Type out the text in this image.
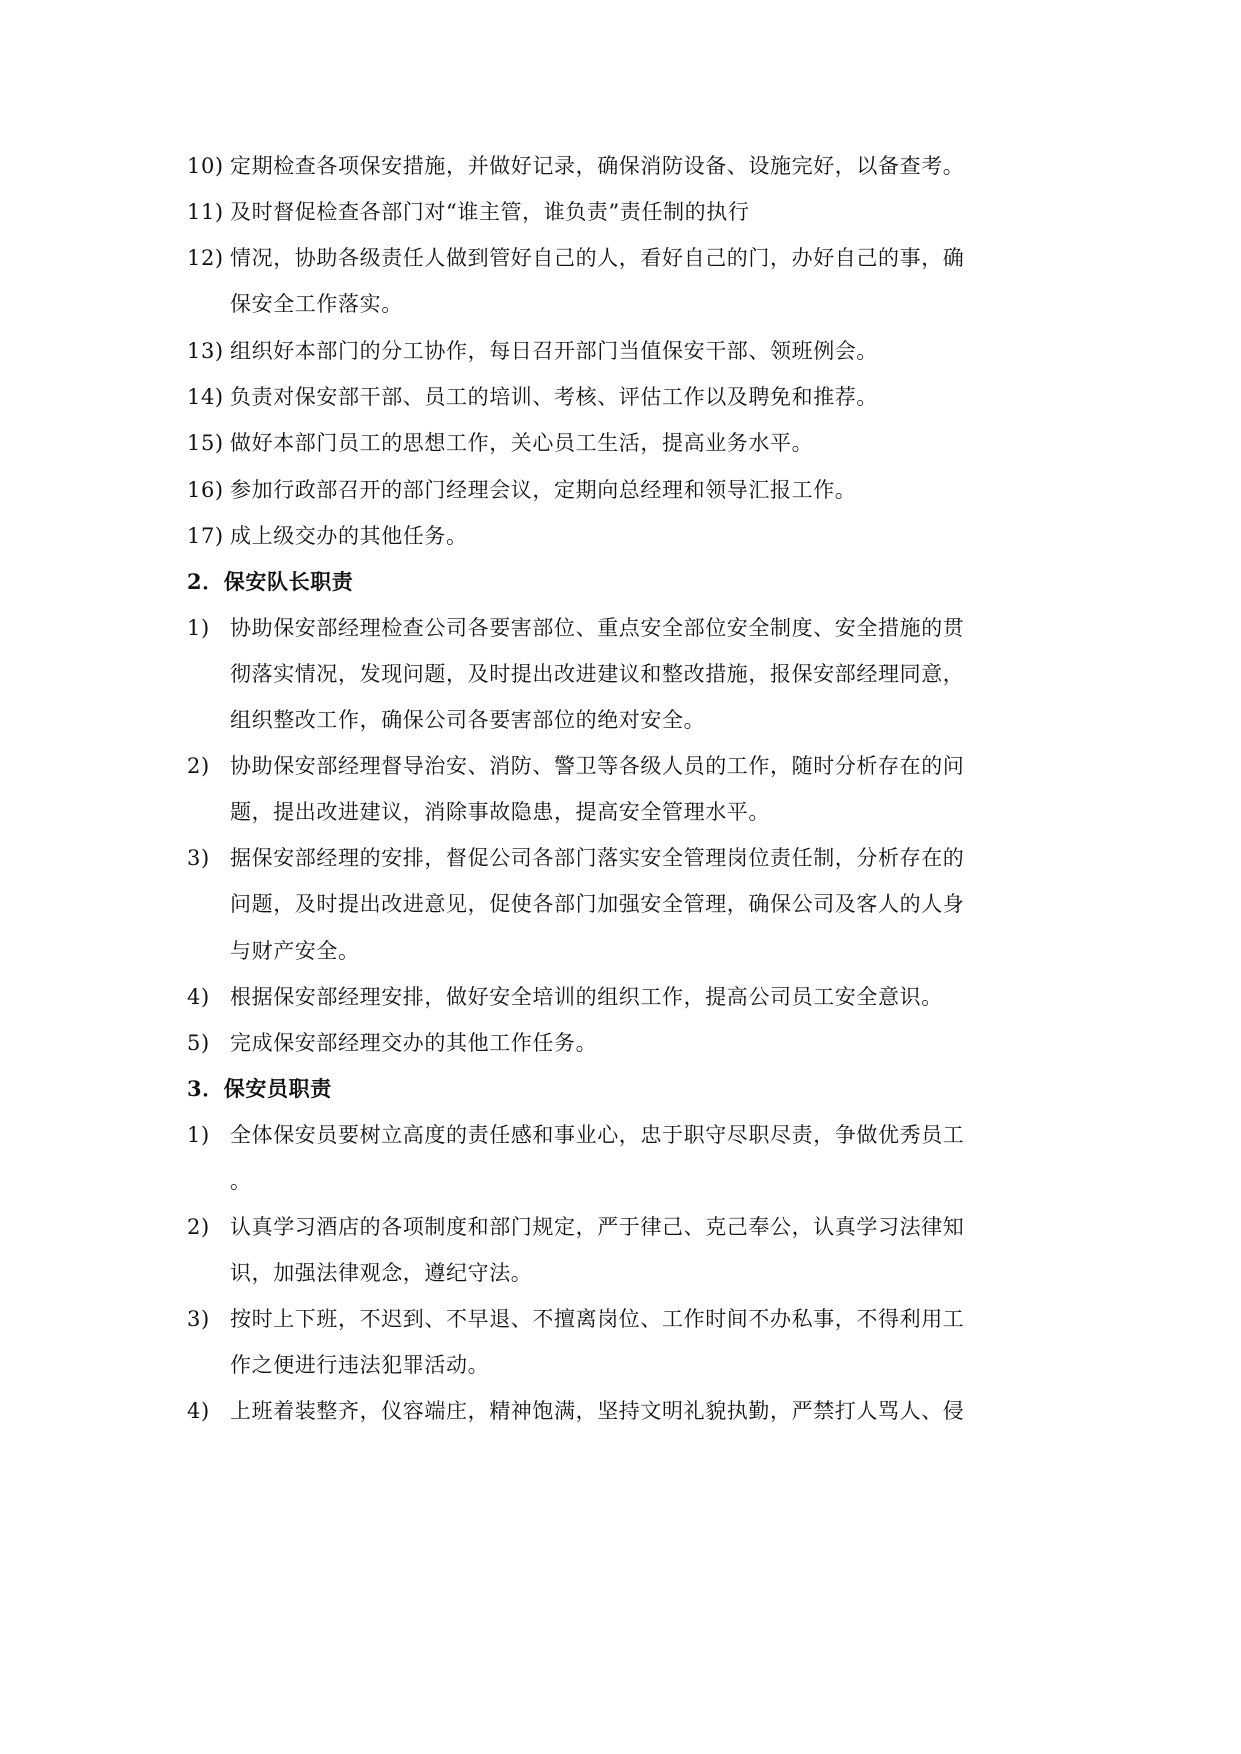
10) 定期检查各项保安措施，并做好记录，确保消防设备、设施完好，以备查考。
11) 及时督促检查各部门对“谁主管，谁负责”责任制的执行
12) 情况，协助各级责任人做到管好自己的人，看好自己的门，办好自己的事，确
保安全工作落实。
13) 组织好本部门的分工协作，每日召开部门当值保安干部、领班例会。
14) 负责对保安部干部、员工的培训、考核、评估工作以及聘免和推荐。
15) 做好本部门员工的思想工作，关心员工生活，提高业务水平。
16) 参加行政部召开的部门经理会议，定期向总经理和领导汇报工作。
17) 成上级交办的其他任务。
2．保安队长职责
1) 协助保安部经理检查公司各要害部位、重点安全部位安全制度、安全措施的贯
彻落实情况，发现问题，及时提出改进建议和整改措施，报保安部经理同意，
组织整改工作，确保公司各要害部位的绝对安全。
2) 协助保安部经理督导治安、消防、警卫等各级人员的工作，随时分析存在的问
题，提出改进建议，消除事故隐患，提高安全管理水平。
3) 据保安部经理的安排，督促公司各部门落实安全管理岗位责任制，分析存在的
问题，及时提出改进意见，促使各部门加强安全管理，确保公司及客人的人身
与财产安全。
4) 根据保安部经理安排，做好安全培训的组织工作，提高公司员工安全意识。
5) 完成保安部经理交办的其他工作任务。
3．保安员职责
1) 全体保安员要树立高度的责任感和事业心，忠于职守尽职尽责，争做优秀员工
。
2) 认真学习酒店的各项制度和部门规定，严于律己、克己奉公，认真学习法律知
识，加强法律观念，遵纪守法。
3) 按时上下班，不迟到、不早退、不擅离岗位、工作时间不办私事，不得利用工
作之便进行违法犯罪活动。
4) 上班着装整齐，仪容端庄，精神饱满，坚持文明礼貌执勤，严禁打人骂人、侵
